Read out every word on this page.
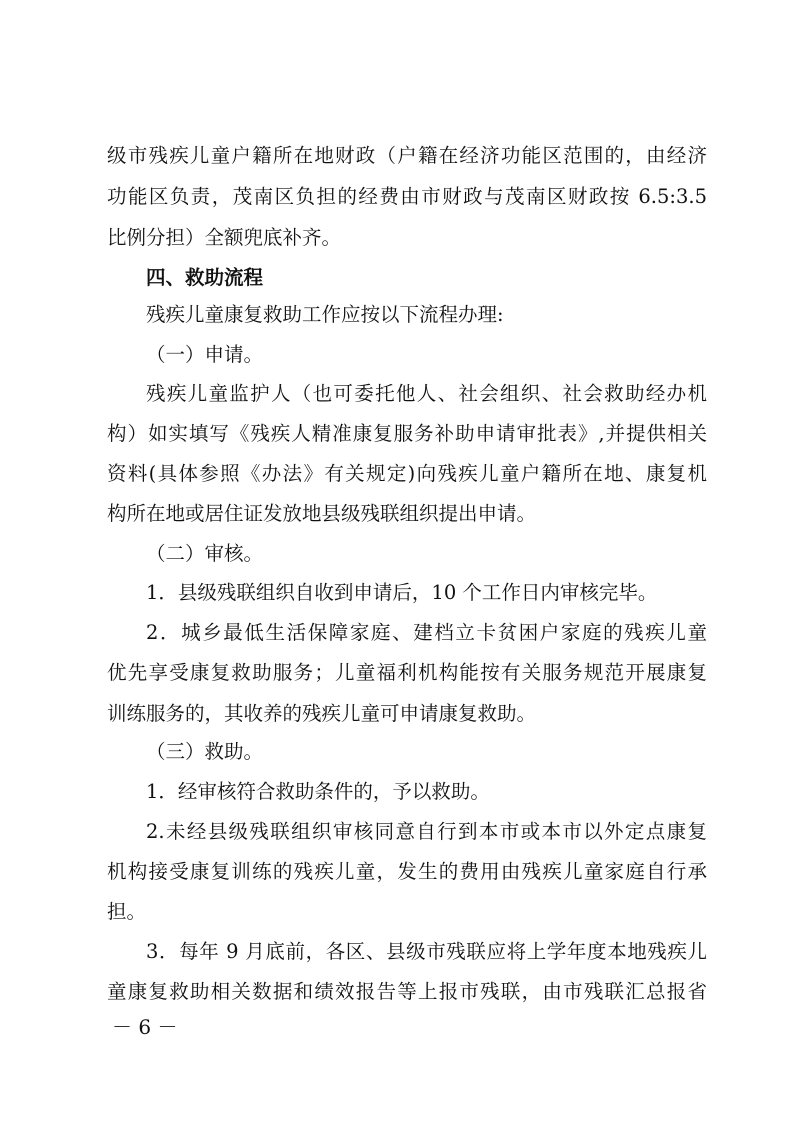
级市残疾儿童户籍所在地财政（户籍在经济功能区范围的，由经济
功能区负责，茂南区负担的经费由市财政与茂南区财政按 6.5:3.5
比例分担）全额兜底补齐。
四、救助流程
残疾儿童康复救助工作应按以下流程办理:
（一）申请。
残疾儿童监护人（也可委托他人、社会组织、社会救助经办机
构）如实填写《残疾人精准康复服务补助申请审批表》,并提供相关
资料(具体参照《办法》有关规定)向残疾儿童户籍所在地、康复机
构所在地或居住证发放地县级残联组织提出申请。
（二）审核。
1．县级残联组织自收到申请后，10 个工作日内审核完毕。
2．城乡最低生活保障家庭、建档立卡贫困户家庭的残疾儿童
优先享受康复救助服务；儿童福利机构能按有关服务规范开展康复
训练服务的，其收养的残疾儿童可申请康复救助。
（三）救助。
1．经审核符合救助条件的，予以救助。
2.未经县级残联组织审核同意自行到本市或本市以外定点康复
机构接受康复训练的残疾儿童，发生的费用由残疾儿童家庭自行承
担。
3．每年 9 月底前，各区、县级市残联应将上学年度本地残疾儿
童康复救助相关数据和绩效报告等上报市残联，由市残联汇总报省
－ 6 －
